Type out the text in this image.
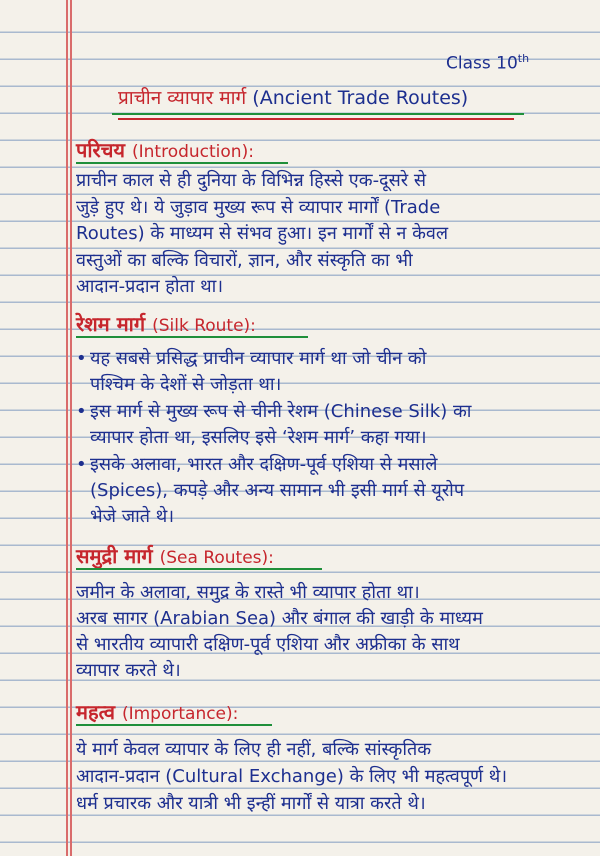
Class 10th
प्राचीन व्यापार मार्ग (Ancient Trade Routes)
परिचय (Introduction):
प्राचीन काल से ही दुनिया के विभिन्न हिस्से एक-दूसरे से
जुड़े हुए थे। ये जुड़ाव मुख्य रूप से व्यापार मार्गों (Trade
Routes) के माध्यम से संभव हुआ। इन मार्गों से न केवल
वस्तुओं का बल्कि विचारों, ज्ञान, और संस्कृति का भी
आदान-प्रदान होता था।
रेशम मार्ग (Silk Route):
• यह सबसे प्रसिद्ध प्राचीन व्यापार मार्ग था जो चीन को
पश्चिम के देशों से जोड़ता था।
• इस मार्ग से मुख्य रूप से चीनी रेशम (Chinese Silk) का
व्यापार होता था, इसलिए इसे ‘रेशम मार्ग’ कहा गया।
• इसके अलावा, भारत और दक्षिण-पूर्व एशिया से मसाले
(Spices), कपड़े और अन्य सामान भी इसी मार्ग से यूरोप
भेजे जाते थे।
समुद्री मार्ग (Sea Routes):
जमीन के अलावा, समुद्र के रास्ते भी व्यापार होता था।
अरब सागर (Arabian Sea) और बंगाल की खाड़ी के माध्यम
से भारतीय व्यापारी दक्षिण-पूर्व एशिया और अफ्रीका के साथ
व्यापार करते थे।
महत्व (Importance):
ये मार्ग केवल व्यापार के लिए ही नहीं, बल्कि सांस्कृतिक
आदान-प्रदान (Cultural Exchange) के लिए भी महत्वपूर्ण थे।
धर्म प्रचारक और यात्री भी इन्हीं मार्गों से यात्रा करते थे।
